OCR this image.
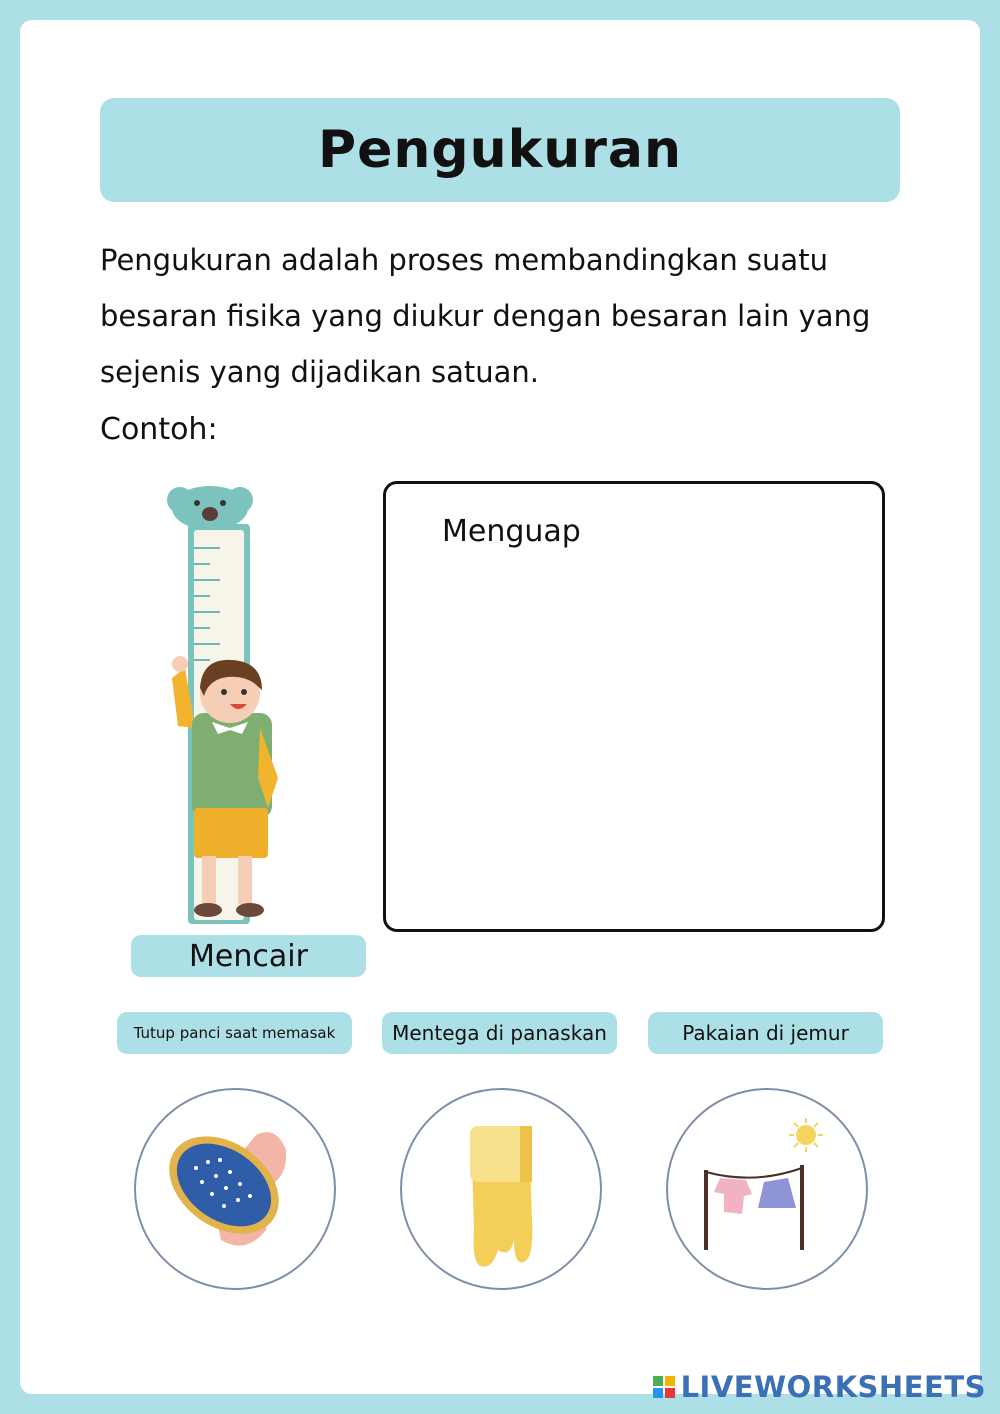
Pengukuran

Pengukuran adalah proses membandingkan suatu besaran fisika yang diukur dengan besaran lain yang sejenis yang dijadikan satuan.

Contoh:

Menguap
Mencair
Tutup panci saat memasak	Mentega di panaskan	Pakaian di jemur
LIVEWORKSHEETS
